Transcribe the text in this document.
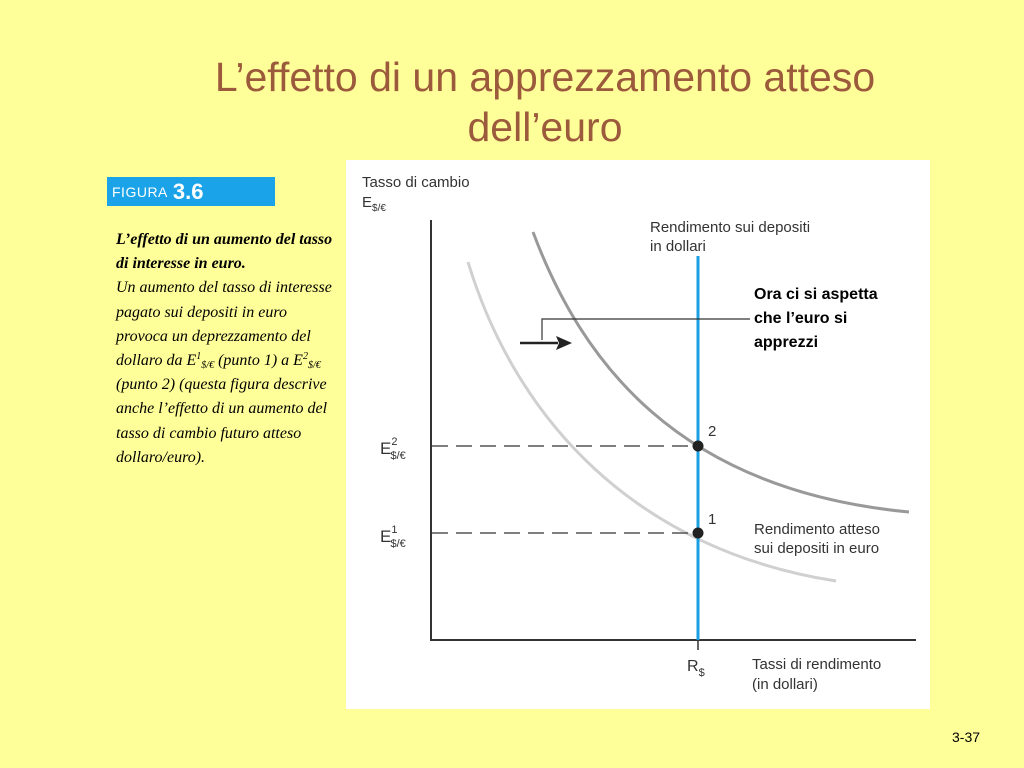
L’effetto di un apprezzamento atteso
dell’euro
FIGURA 3.6
L’effetto di un aumento del tasso di interesse in euro.
Un aumento del tasso di interesse pagato sui depositi in euro provoca un deprezzamento del dollaro da $E^1_{\$/€}$ (punto 1) a $E^2_{\$/€}$ (punto 2) (questa figura descrive anche l’effetto di un aumento del tasso di cambio futuro atteso dollaro/euro).
Tasso di cambio
$E_{\$/€}$
2
1
$E^2$ $/€
$E^1$ $/€
$R_{\$}$	Tassi di rendimento
(in dollari)
Rendimento sui depositi
in dollari
Rendimento atteso
sui depositi in euro
Ora ci si aspetta che l’euro si apprezzi
3-37
